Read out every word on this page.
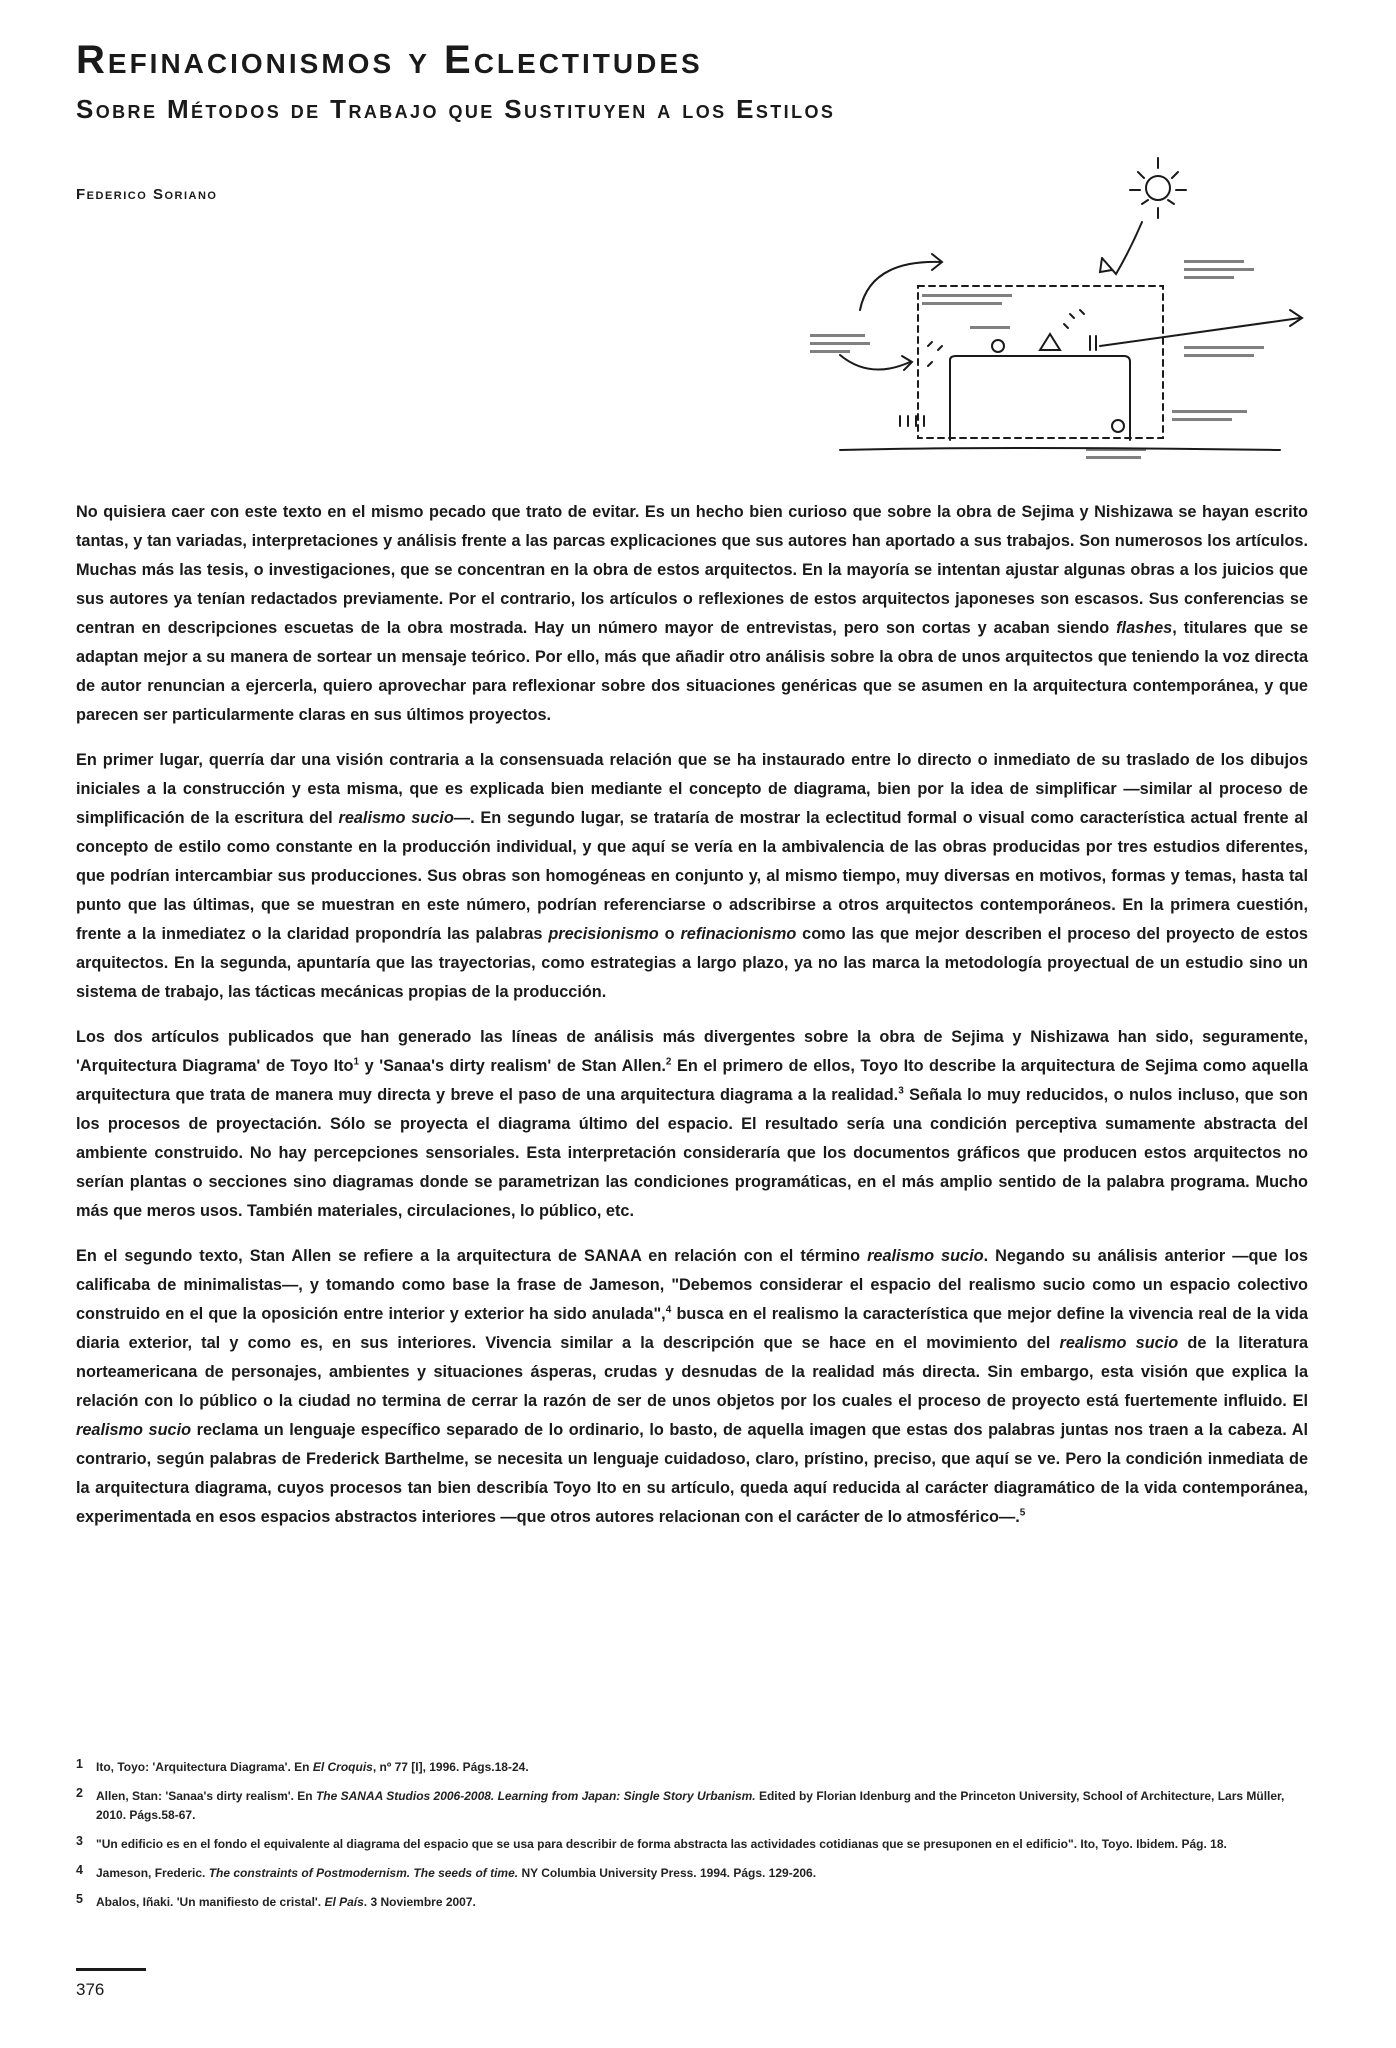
Refinacionismos y Eclectitudes
Sobre Métodos de Trabajo que Sustituyen a los Estilos
Federico Soriano

No quisiera caer con este texto en el mismo pecado que trato de evitar. Es un hecho bien curioso que sobre la obra de Sejima y Nishizawa se hayan escrito tantas, y tan variadas, interpretaciones y análisis frente a las parcas explicaciones que sus autores han aportado a sus trabajos. Son numerosos los artículos. Muchas más las tesis, o investigaciones, que se concentran en la obra de estos arquitectos. En la mayoría se intentan ajustar algunas obras a los juicios que sus autores ya tenían redactados previamente. Por el contrario, los artículos o reflexiones de estos arquitectos japoneses son escasos. Sus conferencias se centran en descripciones escuetas de la obra mostrada. Hay un número mayor de entrevistas, pero son cortas y acaban siendo flashes, titulares que se adaptan mejor a su manera de sortear un mensaje teórico. Por ello, más que añadir otro análisis sobre la obra de unos arquitectos que teniendo la voz directa de autor renuncian a ejercerla, quiero aprovechar para reflexionar sobre dos situaciones genéricas que se asumen en la arquitectura contemporánea, y que parecen ser particularmente claras en sus últimos proyectos.

En primer lugar, querría dar una visión contraria a la consensuada relación que se ha instaurado entre lo directo o inmediato de su traslado de los dibujos iniciales a la construcción y esta misma, que es explicada bien mediante el concepto de diagrama, bien por la idea de simplificar —similar al proceso de simplificación de la escritura del realismo sucio—. En segundo lugar, se trataría de mostrar la eclectitud formal o visual como característica actual frente al concepto de estilo como constante en la producción individual, y que aquí se vería en la ambivalencia de las obras producidas por tres estudios diferentes, que podrían intercambiar sus producciones. Sus obras son homogéneas en conjunto y, al mismo tiempo, muy diversas en motivos, formas y temas, hasta tal punto que las últimas, que se muestran en este número, podrían referenciarse o adscribirse a otros arquitectos contemporáneos. En la primera cuestión, frente a la inmediatez o la claridad propondría las palabras precisionismo o refinacionismo como las que mejor describen el proceso del proyecto de estos arquitectos. En la segunda, apuntaría que las trayectorias, como estrategias a largo plazo, ya no las marca la metodología proyectual de un estudio sino un sistema de trabajo, las tácticas mecánicas propias de la producción.

Los dos artículos publicados que han generado las líneas de análisis más divergentes sobre la obra de Sejima y Nishizawa han sido, seguramente, 'Arquitectura Diagrama' de Toyo Ito$^1$ y 'Sanaa's dirty realism' de Stan Allen.$^2$ En el primero de ellos, Toyo Ito describe la arquitectura de Sejima como aquella arquitectura que trata de manera muy directa y breve el paso de una arquitectura diagrama a la realidad.$^3$ Señala lo muy reducidos, o nulos incluso, que son los procesos de proyectación. Sólo se proyecta el diagrama último del espacio. El resultado sería una condición perceptiva sumamente abstracta del ambiente construido. No hay percepciones sensoriales. Esta interpretación consideraría que los documentos gráficos que producen estos arquitectos no serían plantas o secciones sino diagramas donde se parametrizan las condiciones programáticas, en el más amplio sentido de la palabra programa. Mucho más que meros usos. También materiales, circulaciones, lo público, etc.

En el segundo texto, Stan Allen se refiere a la arquitectura de SANAA en relación con el término realismo sucio. Negando su análisis anterior —que los calificaba de minimalistas—, y tomando como base la frase de Jameson, "Debemos considerar el espacio del realismo sucio como un espacio colectivo construido en el que la oposición entre interior y exterior ha sido anulada",$^4$ busca en el realismo la característica que mejor define la vivencia real de la vida diaria exterior, tal y como es, en sus interiores. Vivencia similar a la descripción que se hace en el movimiento del realismo sucio de la literatura norteamericana de personajes, ambientes y situaciones ásperas, crudas y desnudas de la realidad más directa. Sin embargo, esta visión que explica la relación con lo público o la ciudad no termina de cerrar la razón de ser de unos objetos por los cuales el proceso de proyecto está fuertemente influido. El realismo sucio reclama un lenguaje específico separado de lo ordinario, lo basto, de aquella imagen que estas dos palabras juntas nos traen a la cabeza. Al contrario, según palabras de Frederick Barthelme, se necesita un lenguaje cuidadoso, claro, prístino, preciso, que aquí se ve. Pero la condición inmediata de la arquitectura diagrama, cuyos procesos tan bien describía Toyo Ito en su artículo, queda aquí reducida al carácter diagramático de la vida contemporánea, experimentada en esos espacios abstractos interiores —que otros autores relacionan con el carácter de lo atmosférico—.$^5$

1 Ito, Toyo: 'Arquitectura Diagrama'. En El Croquis, nº 77 [I], 1996. Págs.18-24.
2 Allen, Stan: 'Sanaa's dirty realism'. En The SANAA Studios 2006-2008. Learning from Japan: Single Story Urbanism. Edited by Florian Idenburg and the Princeton University, School of Architecture, Lars Müller, 2010. Págs.58-67.
3 "Un edificio es en el fondo el equivalente al diagrama del espacio que se usa para describir de forma abstracta las actividades cotidianas que se presuponen en el edificio". Ito, Toyo. Ibidem. Pág. 18.
4 Jameson, Frederic. The constraints of Postmodernism. The seeds of time. NY Columbia University Press. 1994. Págs. 129-206.
5 Abalos, Iñaki. 'Un manifiesto de cristal'. El País. 3 Noviembre 2007.
376
